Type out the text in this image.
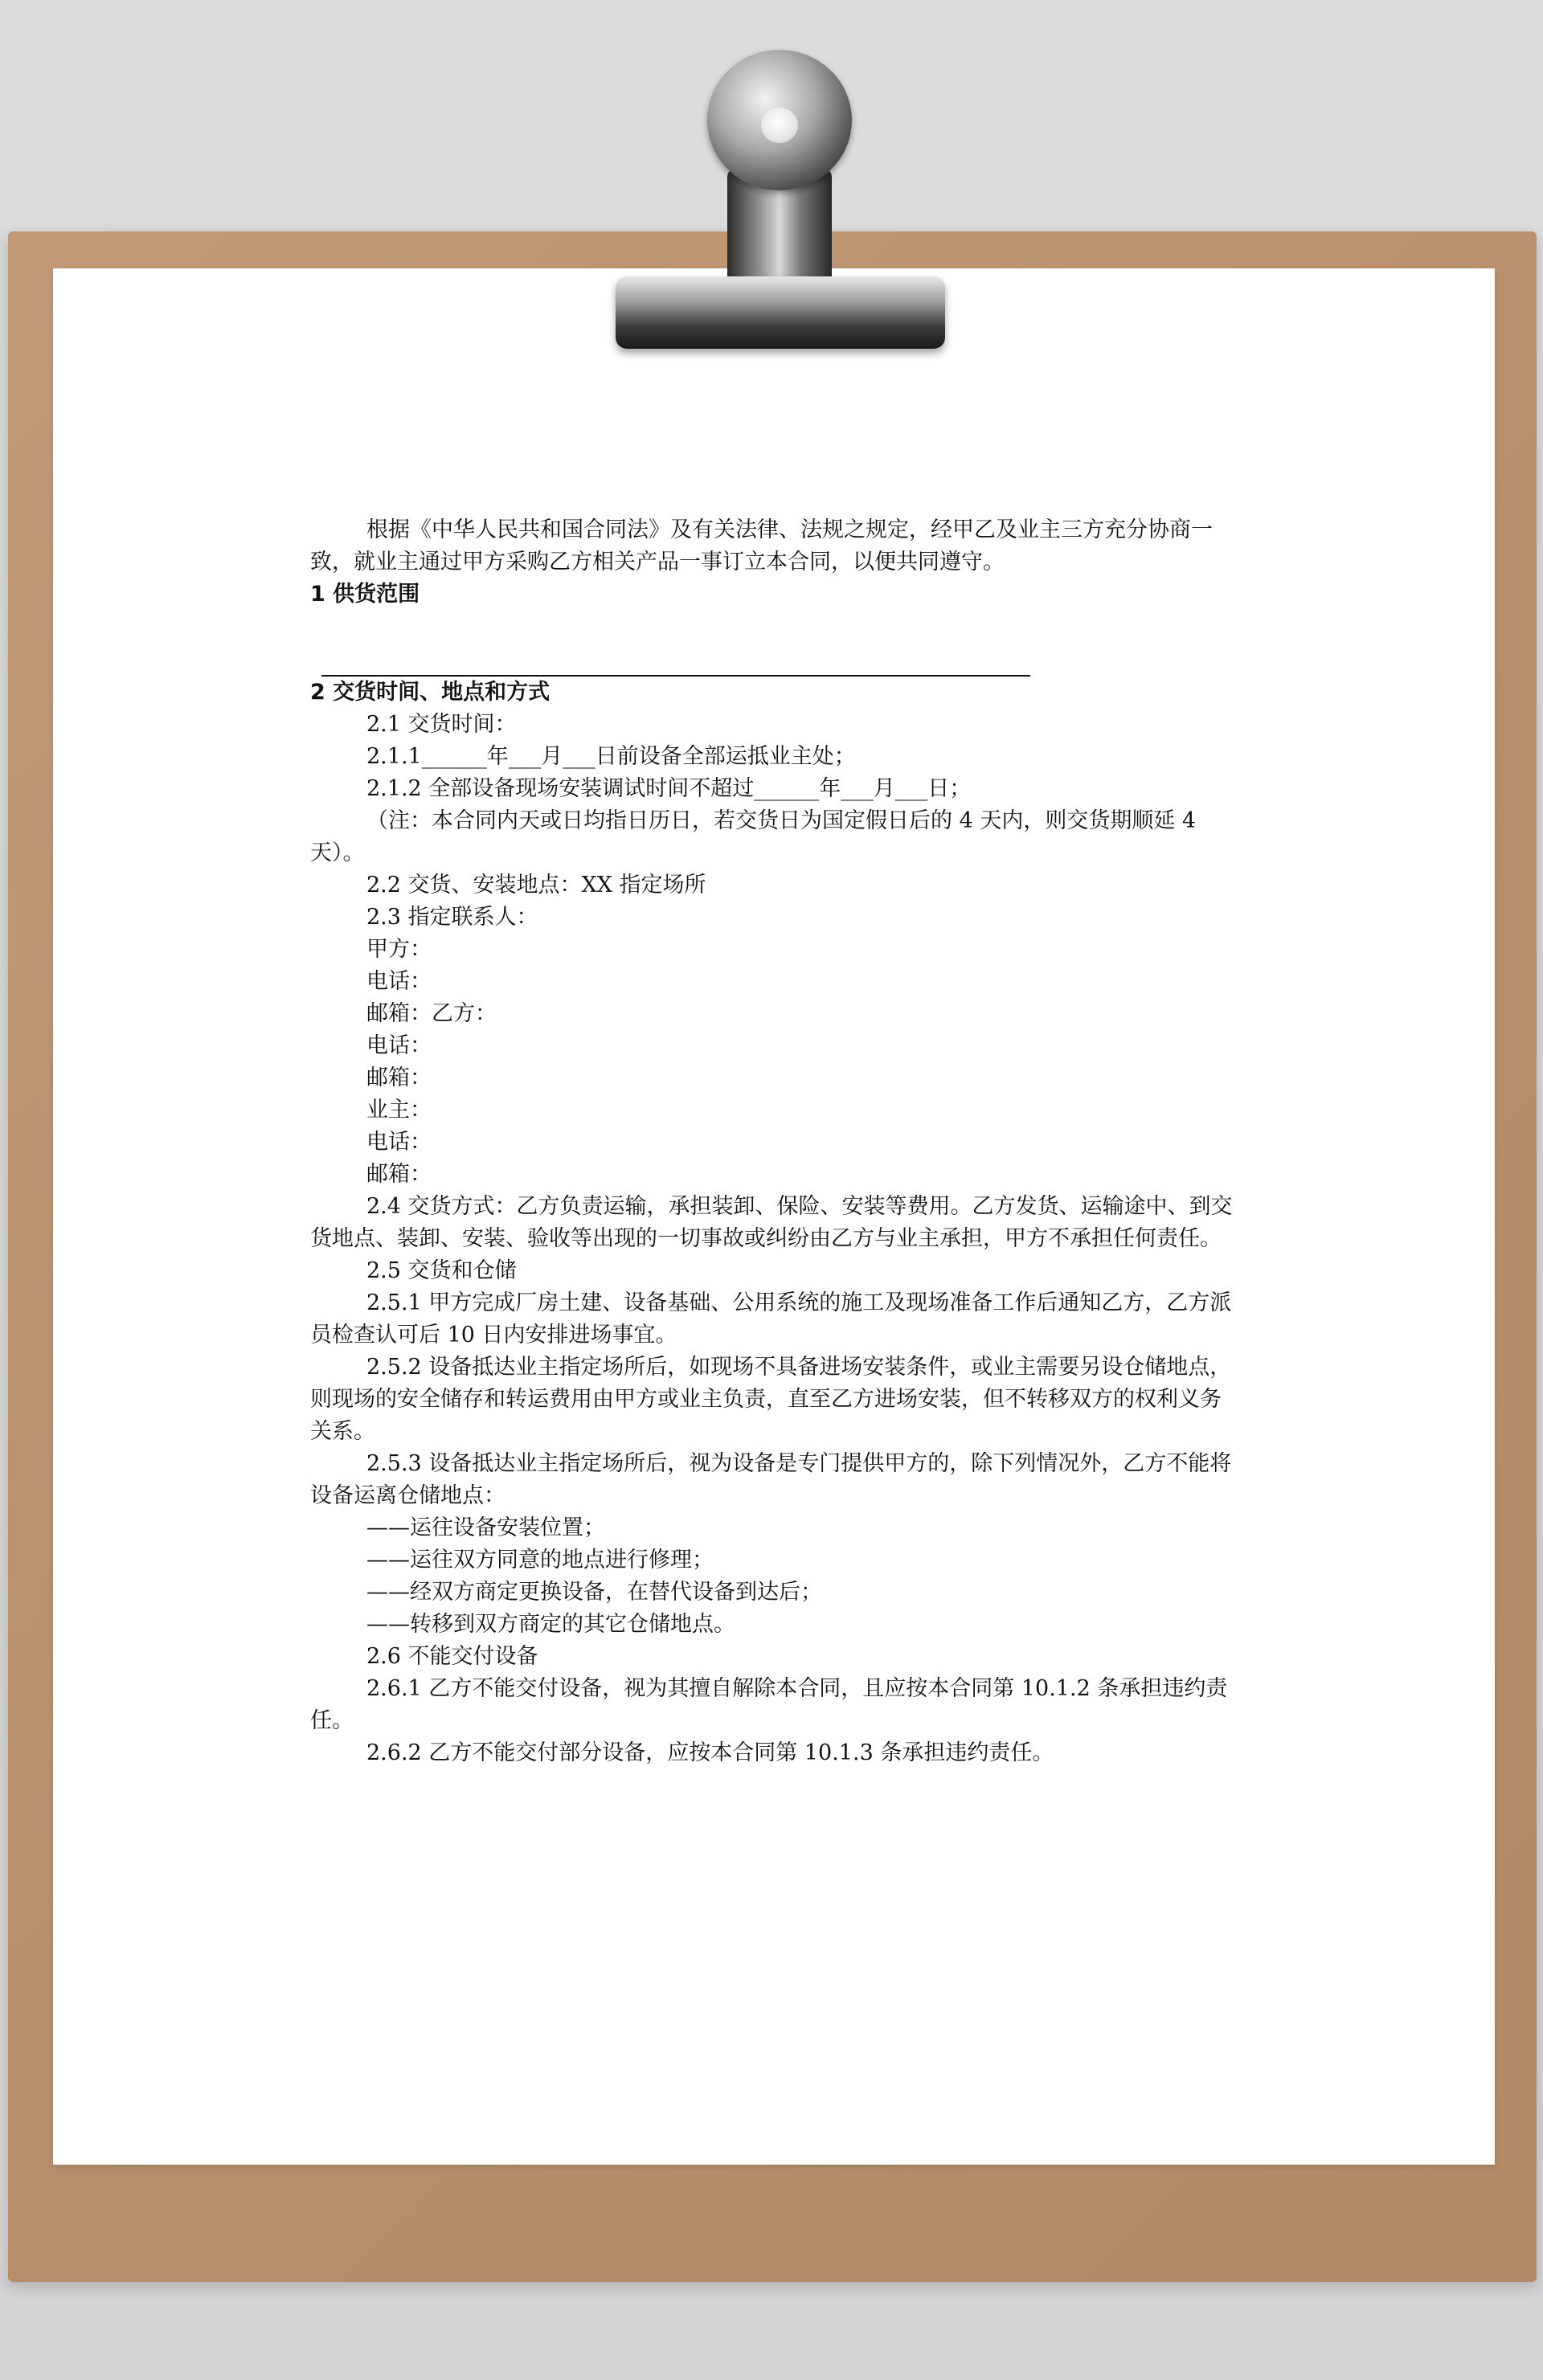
根据《中华人民共和国合同法》及有关法律、法规之规定，经甲乙及业主三方充分协商一致，就业主通过甲方采购乙方相关产品一事订立本合同，以便共同遵守。

1 供货范围

2 交货时间、地点和方式

2.1 交货时间：

2.1.1______年___月___日前设备全部运抵业主处；

2.1.2 全部设备现场安装调试时间不超过______年___月___日；

（注：本合同内天或日均指日历日，若交货日为国定假日后的 4 天内，则交货期顺延 4 天）。

2.2 交货、安装地点：XX 指定场所

2.3 指定联系人：

甲方：

电话：

邮箱：乙方：

电话：

邮箱：

业主：

电话：

邮箱：

2.4 交货方式：乙方负责运输，承担装卸、保险、安装等费用。乙方发货、运输途中、到交货地点、装卸、安装、验收等出现的一切事故或纠纷由乙方与业主承担，甲方不承担任何责任。

2.5 交货和仓储

2.5.1 甲方完成厂房土建、设备基础、公用系统的施工及现场准备工作后通知乙方，乙方派员检查认可后 10 日内安排进场事宜。

2.5.2 设备抵达业主指定场所后，如现场不具备进场安装条件，或业主需要另设仓储地点，则现场的安全储存和转运费用由甲方或业主负责，直至乙方进场安装，但不转移双方的权利义务关系。

2.5.3 设备抵达业主指定场所后，视为设备是专门提供甲方的，除下列情况外，乙方不能将设备运离仓储地点：

——运往设备安装位置；

——运往双方同意的地点进行修理；

——经双方商定更换设备，在替代设备到达后；

——转移到双方商定的其它仓储地点。

2.6 不能交付设备

2.6.1 乙方不能交付设备，视为其擅自解除本合同，且应按本合同第 10.1.2 条承担违约责任。

2.6.2 乙方不能交付部分设备，应按本合同第 10.1.3 条承担违约责任。
